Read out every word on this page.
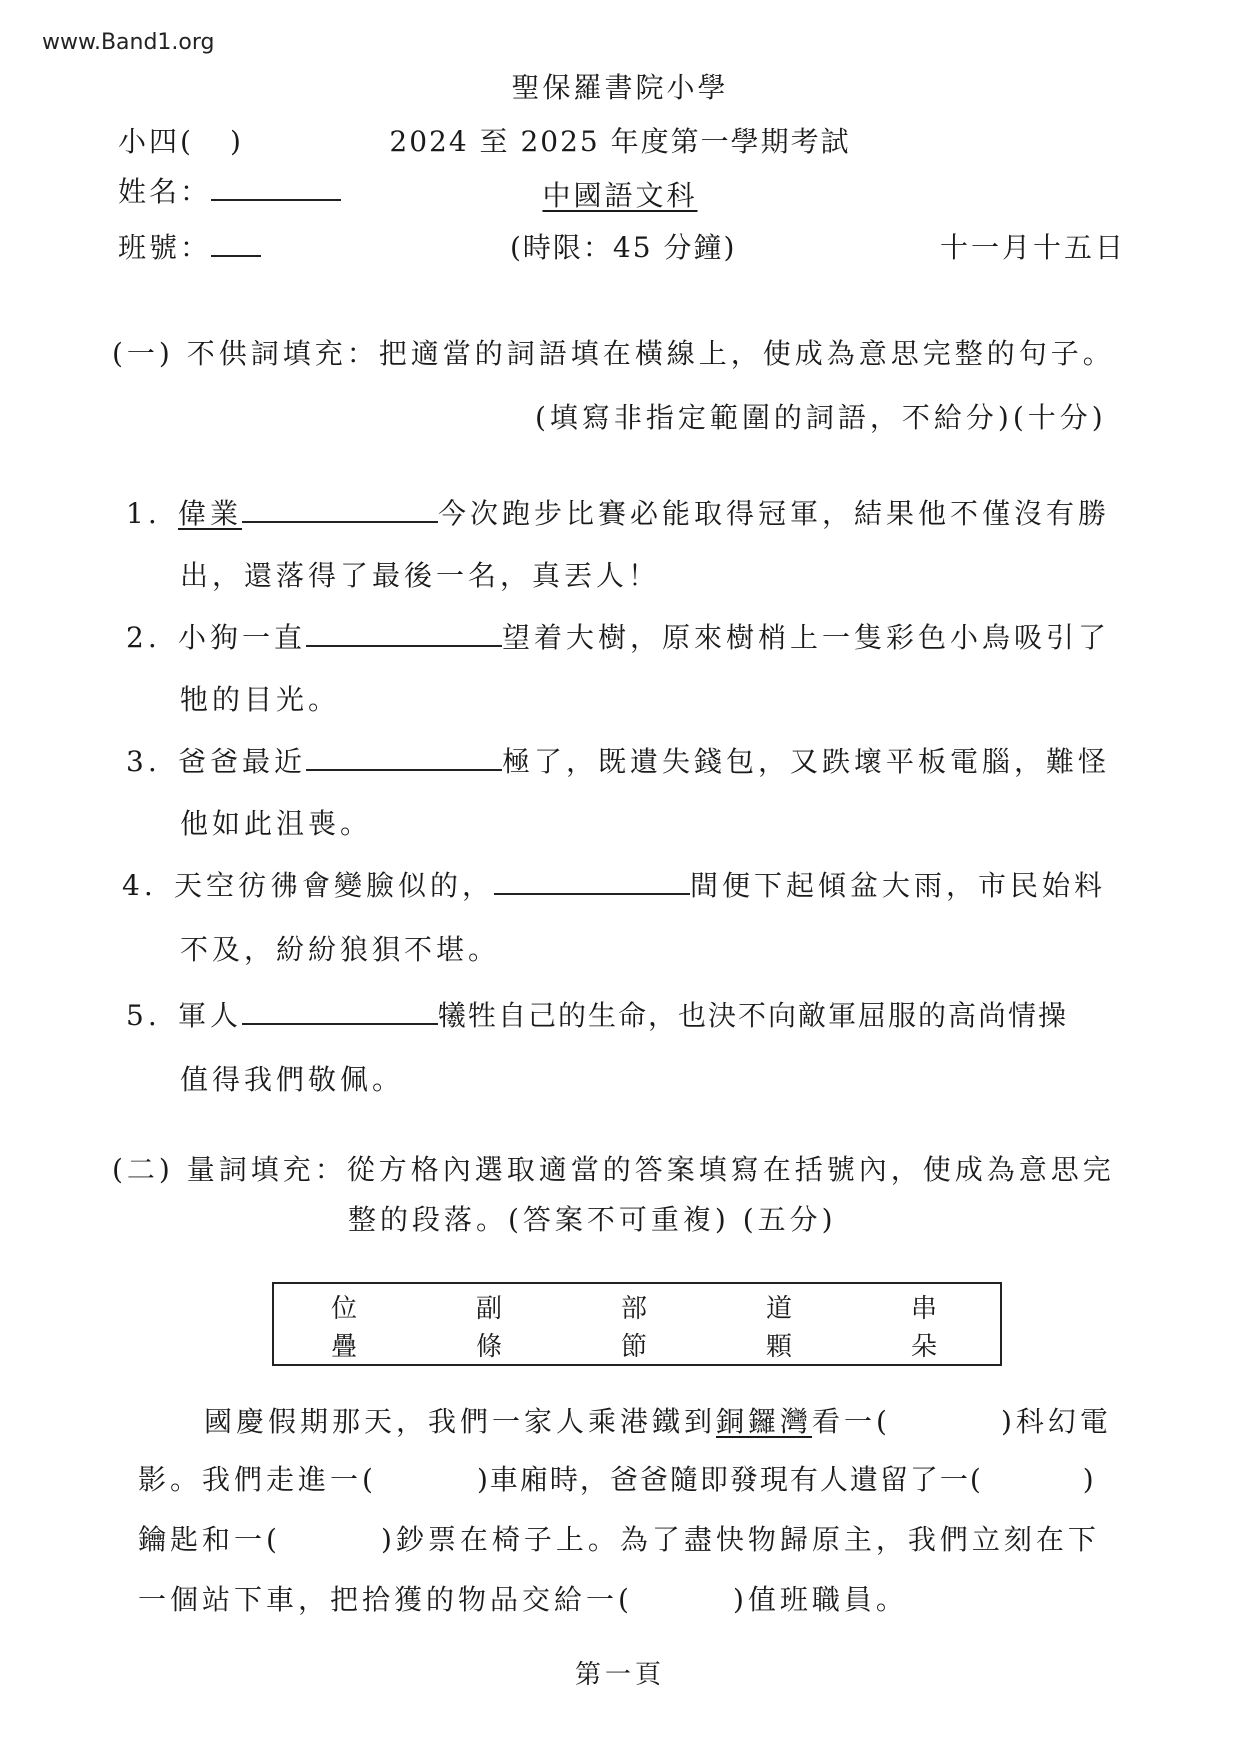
www.Band1.org
聖保羅書院小學
小四( )	2024 至 2025 年度第一學期考試
姓名：	中國語文科
班號：	(時限：45 分鐘)	十一月十五日
(一) 不供詞填充：把適當的詞語填在橫線上，使成為意思完整的句子。
(填寫非指定範圍的詞語，不給分)(十分)
1. 偉業	今次跑步比賽必能取得冠軍，結果他不僅沒有勝
出，還落得了最後一名，真丟人！
2. 小狗一直	望着大樹，原來樹梢上一隻彩色小鳥吸引了
牠的目光。
3. 爸爸最近	極了，既遺失錢包，又跌壞平板電腦，難怪
他如此沮喪。
4. 天空彷彿會變臉似的，	間便下起傾盆大雨，市民始料
不及，紛紛狼狽不堪。
5. 軍人	犧牲自己的生命，也決不向敵軍屈服的高尚情操
值得我們敬佩。
(二) 量詞填充：從方格內選取適當的答案填寫在括號內，使成為意思完
整的段落。(答案不可重複) (五分)
位	副	部	道	串
疊	條	節	顆	朵
國慶假期那天，我們一家人乘港鐵到銅鑼灣看一(	)科幻電
影。我們走進一(	)車廂時，爸爸隨即發現有人遺留了一(	)
鑰匙和一(	)鈔票在椅子上。為了盡快物歸原主，我們立刻在下
一個站下車，把拾獲的物品交給一(	)值班職員。
第一頁
